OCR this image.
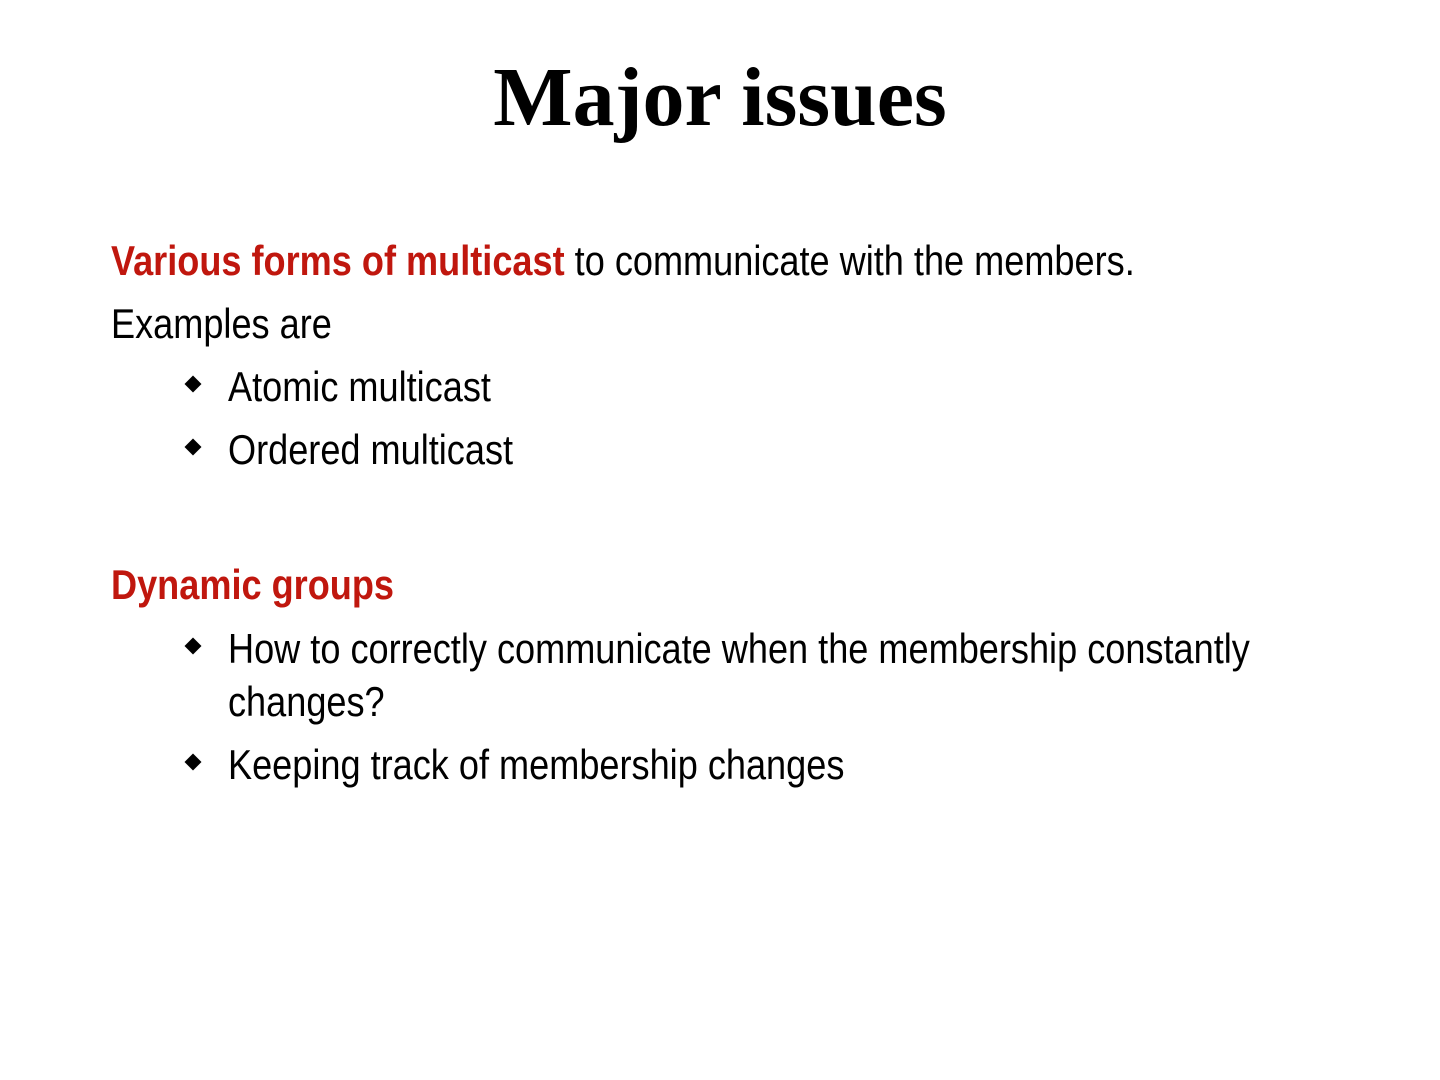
Major issues
Various forms of multicast to communicate with the members.
Examples are
Atomic multicast
Ordered multicast
Dynamic groups
How to correctly communicate when the membership constantly
changes?
Keeping track of membership changes
